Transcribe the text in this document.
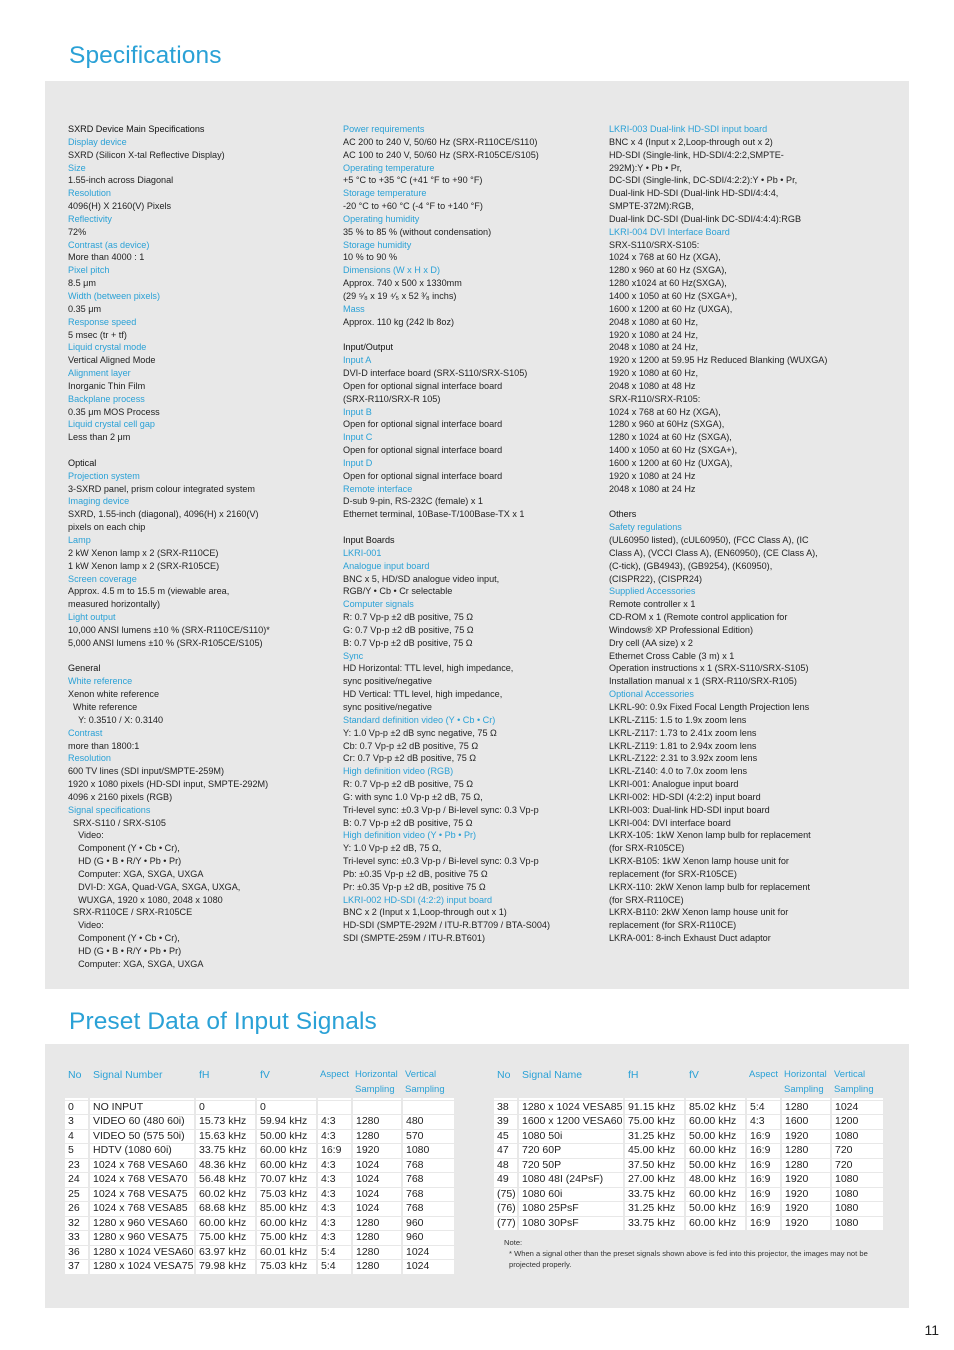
Specifications
SXRD Device Main Specifications
Display device
SXRD (Silicon X-tal Reflective Display)
Size
1.55-inch across Diagonal
Resolution
4096(H) X 2160(V) Pixels
Reflectivity
72%
Contrast (as device)
More than 4000 : 1
Pixel pitch
8.5 μm
Width (between pixels)
0.35 μm
Response speed
5 msec (tr + tf)
Liquid crystal mode
Vertical Aligned Mode
Alignment layer
Inorganic Thin Film
Backplane process
0.35 μm MOS Process
Liquid crystal cell gap
Less than 2 μm
Optical
Projection system
3-SXRD panel, prism colour integrated system
Imaging device
SXRD, 1.55-inch (diagonal), 4096(H) x 2160(V)
pixels on each chip
Lamp
2 kW Xenon lamp x 2 (SRX-R110CE)
1 kW Xenon lamp x 2 (SRX-R105CE)
Screen coverage
Approx. 4.5 m to 15.5 m (viewable area,
measured horizontally)
Light output
10,000 ANSI lumens ±10 % (SRX-R110CE/S110)*
5,000 ANSI lumens ±10 % (SRX-R105CE/S105)
General
White reference
Xenon white reference
White reference
Y: 0.3510 / X: 0.3140
Contrast
more than 1800:1
Resolution
600 TV lines (SDI input/SMPTE-259M)
1920 x 1080 pixels (HD-SDI input, SMPTE-292M)
4096 x 2160 pixels (RGB)
Signal specifications
SRX-S110 / SRX-S105
Video:
Component (Y • Cb • Cr),
HD (G • B • R/Y • Pb • Pr)
Computer: XGA, SXGA, UXGA
DVI-D: XGA, Quad-VGA, SXGA, UXGA,
WUXGA, 1920 x 1080, 2048 x 1080
SRX-R110CE / SRX-R105CE
Video:
Component (Y • Cb • Cr),
HD (G • B • R/Y • Pb • Pr)
Computer: XGA, SXGA, UXGA
Power requirements
AC 200 to 240 V, 50/60 Hz (SRX-R110CE/S110)
AC 100 to 240 V, 50/60 Hz (SRX-R105CE/S105)
Operating temperature
+5 °C to +35 °C (+41 °F to +90 °F)
Storage temperature
-20 °C to +60 °C (-4 °F to +140 °F)
Operating humidity
35 % to 85 % (without condensation)
Storage humidity
10 % to 90 %
Dimensions (W x H x D)
Approx. 740 x 500 x 1330mm
(29 ⁵⁄₈ x 19 ⁴⁄₅ x 52 ³⁄₈ inchs)
Mass
Approx. 110 kg (242 lb 8oz)
Input/Output
Input A
DVI-D interface board (SRX-S110/SRX-S105)
Open for optional signal interface board
(SRX-R110/SRX-R 105)
Input B
Open for optional signal interface board
Input C
Open for optional signal interface board
Input D
Open for optional signal interface board
Remote interface
D-sub 9-pin, RS-232C (female) x 1
Ethernet terminal, 10Base-T/100Base-TX x 1
Input Boards
LKRI-001
Analogue input board
BNC x 5, HD/SD analogue video input,
RGB/Y • Cb • Cr selectable
Computer signals
R: 0.7 Vp-p ±2 dB positive, 75 Ω
G: 0.7 Vp-p ±2 dB positive, 75 Ω
B: 0.7 Vp-p ±2 dB positive, 75 Ω
Sync
HD Horizontal: TTL level, high impedance,
sync positive/negative
HD Vertical: TTL level, high impedance,
sync positive/negative
Standard definition video (Y • Cb • Cr)
Y: 1.0 Vp-p ±2 dB sync negative, 75 Ω
Cb: 0.7 Vp-p ±2 dB positive, 75 Ω
Cr: 0.7 Vp-p ±2 dB positive, 75 Ω
High definition video (RGB)
R: 0.7 Vp-p ±2 dB positive, 75 Ω
G: with sync 1.0 Vp-p ±2 dB, 75 Ω,
Tri-level sync: ±0.3 Vp-p / Bi-level sync: 0.3 Vp-p
B: 0.7 Vp-p ±2 dB positive, 75 Ω
High definition video (Y • Pb • Pr)
Y: 1.0 Vp-p ±2 dB, 75 Ω,
Tri-level sync: ±0.3 Vp-p / Bi-level sync: 0.3 Vp-p
Pb: ±0.35 Vp-p ±2 dB, positive 75 Ω
Pr: ±0.35 Vp-p ±2 dB, positive 75 Ω
LKRI-002 HD-SDI (4:2:2) input board
BNC x 2 (Input x 1,Loop-through out x 1)
HD-SDI (SMPTE-292M / ITU-R.BT709 / BTA-S004)
SDI (SMPTE-259M / ITU-R.BT601)
LKRI-003 Dual-link HD-SDI input board
BNC x 4 (Input x 2,Loop-through out x 2)
HD-SDI (Single-link, HD-SDI/4:2:2,SMPTE-
292M):Y • Pb • Pr,
DC-SDI (Single-link, DC-SDI/4:2:2):Y • Pb • Pr,
Dual-link HD-SDI (Dual-link HD-SDI/4:4:4,
SMPTE-372M):RGB,
Dual-link DC-SDI (Dual-link DC-SDI/4:4:4):RGB
LKRI-004 DVI Interface Board
SRX-S110/SRX-S105:
1024 x 768 at 60 Hz (XGA),
1280 x 960 at 60 Hz (SXGA),
1280 x1024 at 60 Hz(SXGA),
1400 x 1050 at 60 Hz (SXGA+),
1600 x 1200 at 60 Hz (UXGA),
2048 x 1080 at 60 Hz,
1920 x 1080 at 24 Hz,
2048 x 1080 at 24 Hz,
1920 x 1200 at 59.95 Hz Reduced Blanking (WUXGA)
1920 x 1080 at 60 Hz,
2048 x 1080 at 48 Hz
SRX-R110/SRX-R105:
1024 x 768 at 60 Hz (XGA),
1280 x 960 at 60Hz (SXGA),
1280 x 1024 at 60 Hz (SXGA),
1400 x 1050 at 60 Hz (SXGA+),
1600 x 1200 at 60 Hz (UXGA),
1920 x 1080 at 24 Hz
2048 x 1080 at 24 Hz
Others
Safety regulations
(UL60950 listed), (cUL60950), (FCC Class A), (IC
Class A), (VCCI Class A), (EN60950), (CE Class A),
(C-tick), (GB4943), (GB9254), (K60950),
(CISPR22), (CISPR24)
Supplied Accessories
Remote controller x 1
CD-ROM x 1 (Remote control application for
Windows® XP Professional Edition)
Dry cell (AA size) x 2
Ethernet Cross Cable (3 m) x 1
Operation instructions x 1 (SRX-S110/SRX-S105)
Installation manual x 1 (SRX-R110/SRX-R105)
Optional Accessories
LKRL-90: 0.9x Fixed Focal Length Projection lens
LKRL-Z115: 1.5 to 1.9x zoom lens
LKRL-Z117: 1.73 to 2.41x zoom lens
LKRL-Z119: 1.81 to 2.94x zoom lens
LKRL-Z122: 2.31 to 3.92x zoom lens
LKRL-Z140: 4.0 to 7.0x zoom lens
LKRI-001: Analogue input board
LKRI-002: HD-SDI (4:2:2) input board
LKRI-003: Dual-link HD-SDI input board
LKRI-004: DVI interface board
LKRX-105: 1kW Xenon lamp bulb for replacement
(for SRX-R105CE)
LKRX-B105: 1kW Xenon lamp house unit for
replacement (for SRX-R105CE)
LKRX-110: 2kW Xenon lamp bulb for replacement
(for SRX-R110CE)
LKRX-B110: 2kW Xenon lamp house unit for
replacement (for SRX-R110CE)
LKRA-001: 8-inch Exhaust Duct adaptor
Preset Data of Input Signals
No	Signal Number	fH	fV	Aspect	Horizontal Sampling	Vertical Sampling

0	NO INPUT	0	0			
3	VIDEO 60 (480 60i)	15.73 kHz	59.94 kHz	4:3	1280	480
4	VIDEO 50 (575 50i)	15.63 kHz	50.00 kHz	4:3	1280	570
5	HDTV (1080 60i)	33.75 kHz	60.00 kHz	16:9	1920	1080
23	1024 x 768 VESA60	48.36 kHz	60.00 kHz	4:3	1024	768
24	1024 x 768 VESA70	56.48 kHz	70.07 kHz	4:3	1024	768
25	1024 x 768 VESA75	60.02 kHz	75.03 kHz	4:3	1024	768
26	1024 x 768 VESA85	68.68 kHz	85.00 kHz	4:3	1024	768
32	1280 x 960 VESA60	60.00 kHz	60.00 kHz	4:3	1280	960
33	1280 x 960 VESA75	75.00 kHz	75.00 kHz	4:3	1280	960
36	1280 x 1024 VESA60	63.97 kHz	60.01 kHz	5:4	1280	1024
37	1280 x 1024 VESA75	79.98 kHz	75.03 kHz	5:4	1280	1024
No	Signal Name	fH	fV	Aspect	Horizontal Sampling	Vertical Sampling

38	1280 x 1024 VESA85	91.15 kHz	85.02 kHz	5:4	1280	1024
39	1600 x 1200 VESA60	75.00 kHz	60.00 kHz	4:3	1600	1200
45	1080 50i	31.25 kHz	50.00 kHz	16:9	1920	1080
47	720 60P	45.00 kHz	60.00 kHz	16:9	1280	720
48	720 50P	37.50 kHz	50.00 kHz	16:9	1280	720
49	1080 48I (24PsF)	27.00 kHz	48.00 kHz	16:9	1920	1080
(75)	1080 60i	33.75 kHz	60.00 kHz	16:9	1920	1080
(76)	1080 25PsF	31.25 kHz	50.00 kHz	16:9	1920	1080
(77)	1080 30PsF	33.75 kHz	60.00 kHz	16:9	1920	1080
Note:
* When a signal other than the preset signals shown above is fed into this projector, the images may not be projected properly.
11
